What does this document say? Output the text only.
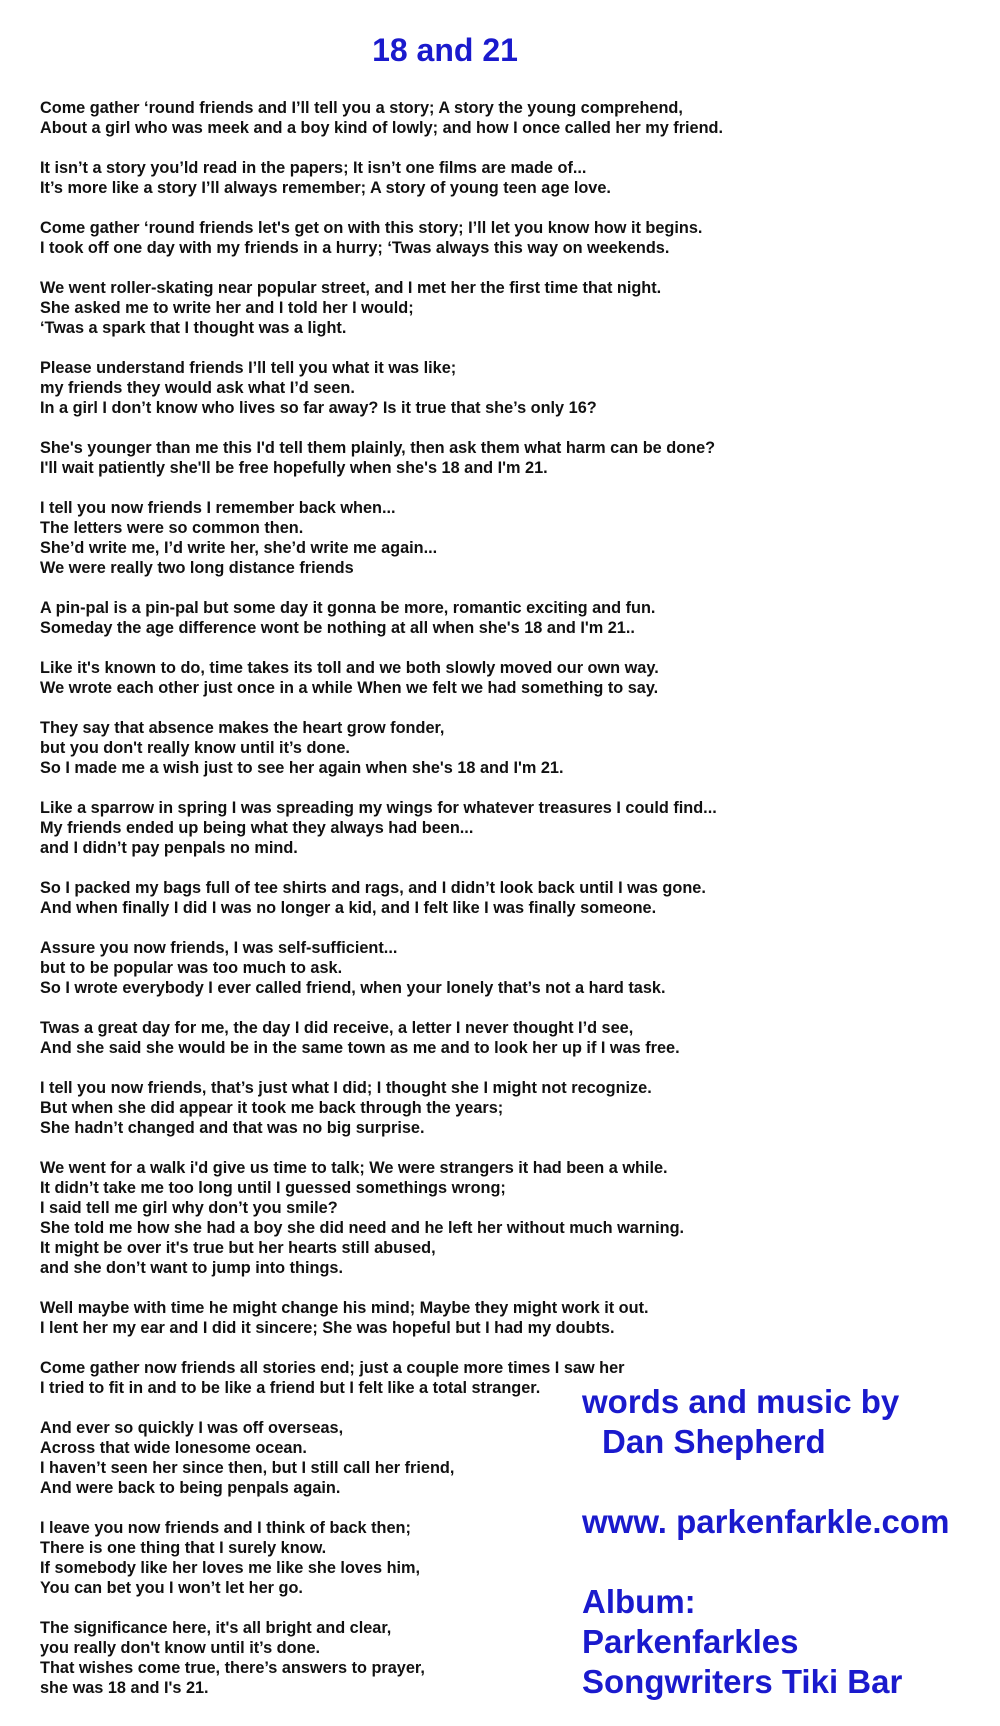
18 and 21
Come gather ‘round friends and I’ll tell you a story; A story the young comprehend,
About a girl who was meek and a boy kind of lowly; and how I once called her my friend.
It isn’t a story you’ld read in the papers; It isn’t one films are made of...
It’s more like a story I’ll always remember; A story of young teen age love.
Come gather ‘round friends let's get on with this story; I’ll let you know how it begins.
I took off one day with my friends in a hurry; ‘Twas always this way on weekends.
We went roller-skating near popular street, and I met her the first time that night.
She asked me to write her and I told her I would;
‘Twas a spark that I thought was a light.
Please understand friends I’ll tell you what it was like;
my friends they would ask what I’d seen.
In a girl I don’t know who lives so far away? Is it true that she’s only 16?
She's younger than me this I'd tell them plainly, then ask them what harm can be done?
I'll wait patiently she'll be free hopefully when she's 18 and I'm 21.
I tell you now friends I remember back when...
The letters were so common then.
She’d write me, I’d write her, she’d write me again...
We were really two long distance friends
A pin-pal is a pin-pal but some day it gonna be more, romantic exciting and fun.
Someday the age difference wont be nothing at all when she's 18 and I'm 21..
Like it's known to do, time takes its toll and we both slowly moved our own way.
We wrote each other just once in a while When we felt we had something to say.
They say that absence makes the heart grow fonder,
but you don't really know until it’s done.
So I made me a wish just to see her again when she's 18 and I'm 21.
Like a sparrow in spring I was spreading my wings for whatever treasures I could find...
My friends ended up being what they always had been...
and I didn’t pay penpals no mind.
So I packed my bags full of tee shirts and rags, and I didn’t look back until I was gone.
And when finally I did I was no longer a kid, and I felt like I was finally someone.
Assure you now friends, I was self-sufficient...
but to be popular was too much to ask.
So I wrote everybody I ever called friend, when your lonely that’s not a hard task.
Twas a great day for me, the day I did receive, a letter I never thought I’d see,
And she said she would be in the same town as me and to look her up if I was free.
I tell you now friends, that’s just what I did; I thought she I might not recognize.
But when she did appear it took me back through the years;
She hadn’t changed and that was no big surprise.
We went for a walk i'd give us time to talk; We were strangers it had been a while.
It didn’t take me too long until I guessed somethings wrong;
I said tell me girl why don’t you smile?
She told me how she had a boy she did need and he left her without much warning.
It might be over it's true but her hearts still abused,
and she don’t want to jump into things.
Well maybe with time he might change his mind; Maybe they might work it out.
I lent her my ear and I did it sincere; She was hopeful but I had my doubts.
Come gather now friends all stories end; just a couple more times I saw her
I tried to fit in and to be like a friend but I felt like a total stranger.
And ever so quickly I was off overseas,
Across that wide lonesome ocean.
I haven’t seen her since then, but I still call her friend,
And were back to being penpals again.
I leave you now friends and I think of back then;
There is one thing that I surely know.
If somebody like her loves me like she loves him,
You can bet you I won’t let her go.
The significance here, it's all bright and clear,
you really don't know until it’s done.
That wishes come true, there’s answers to prayer,
she was 18 and I's 21.
words and music by
Dan Shepherd
www. parkenfarkle.com
Album:
Parkenfarkles
Songwriters Tiki Bar
